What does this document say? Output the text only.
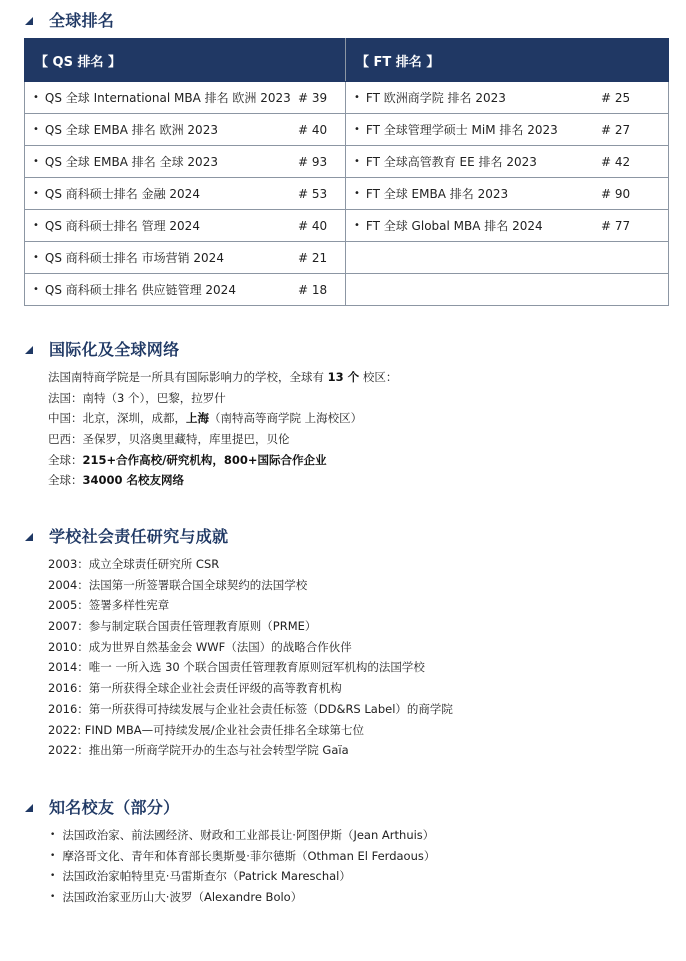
全球排名
【 QS 排名 】	【 FT 排名 】

• QS 全球 International MBA 排名 欧洲 2023 # 39	• FT 欧洲商学院 排名 2023 # 25

• QS 全球 EMBA 排名 欧洲 2023 # 40	• FT 全球管理学硕士 MiM 排名 2023 # 27

• QS 全球 EMBA 排名 全球 2023 # 93	• FT 全球高管教育 EE 排名 2023 # 42

• QS 商科硕士排名 金融 2024 # 53	• FT 全球 EMBA 排名 2023 # 90

• QS 商科硕士排名 管理 2024 # 40	• FT 全球 Global MBA 排名 2024 # 77

• QS 商科硕士排名 市场营销 2024 # 21	

• QS 商科硕士排名 供应链管理 2024 # 18	

国际化及全球网络
法国南特商学院是一所具有国际影响力的学校，全球有 13 个 校区：
法国：南特（3 个），巴黎，拉罗什
中国：北京，深圳，成都，上海（南特高等商学院 上海校区）
巴西：圣保罗，贝洛奥里藏特，库里提巴，贝伦
全球：215+合作高校/研究机构，800+国际合作企业
全球：34000 名校友网络
学校社会责任研究与成就
2003：成立全球责任研究所 CSR
2004：法国第一所签署联合国全球契约的法国学校
2005：签署多样性宪章
2007：参与制定联合国责任管理教育原则（PRME）
2010：成为世界自然基金会 WWF（法国）的战略合作伙伴
2014：唯一 一所入选 30 个联合国责任管理教育原则冠军机构的法国学校
2016：第一所获得全球企业社会责任评级的高等教育机构
2016：第一所获得可持续发展与企业社会责任标签（DD&RS Label）的商学院
2022: FIND MBA—可持续发展/企业社会责任排名全球第七位
2022：推出第一所商学院开办的生态与社会转型学院 Gaïa
知名校友（部分）
• 法国政治家、前法國经济、财政和工业部長让·阿图伊斯（Jean Arthuis）
• 摩洛哥文化、青年和体育部长奥斯曼·菲尔德斯（Othman El Ferdaous）
• 法国政治家帕特里克·马雷斯查尔（Patrick Mareschal）
• 法国政治家亚历山大·波罗（Alexandre Bolo）
